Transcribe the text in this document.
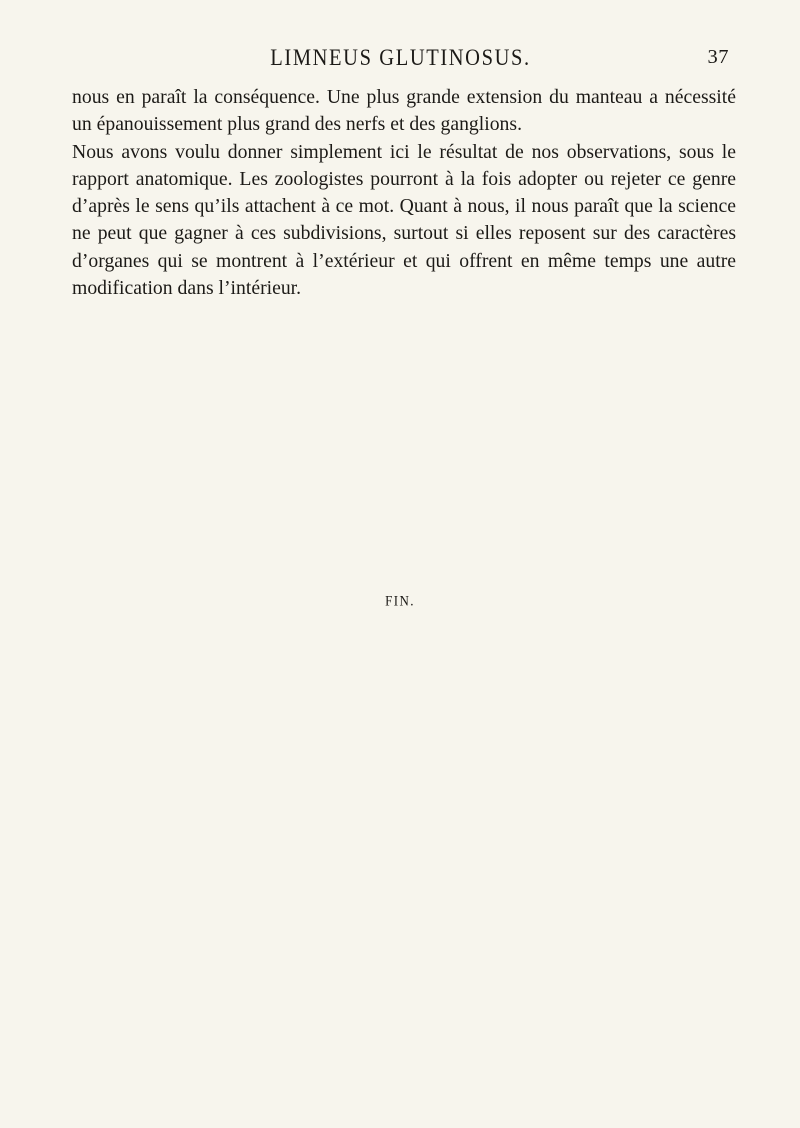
LIMNEUS GLUTINOSUS.	37

nous en paraît la conséquence. Une plus grande extension du manteau a nécessité un épanouissement plus grand des nerfs et des ganglions.

Nous avons voulu donner simplement ici le résultat de nos observations, sous le rapport anatomique. Les zoologistes pourront à la fois adopter ou rejeter ce genre d’après le sens qu’ils attachent à ce mot. Quant à nous, il nous paraît que la science ne peut que gagner à ces subdivisions, surtout si elles reposent sur des caractères d’organes qui se montrent à l’extérieur et qui offrent en même temps une autre modification dans l’intérieur.

FIN.
